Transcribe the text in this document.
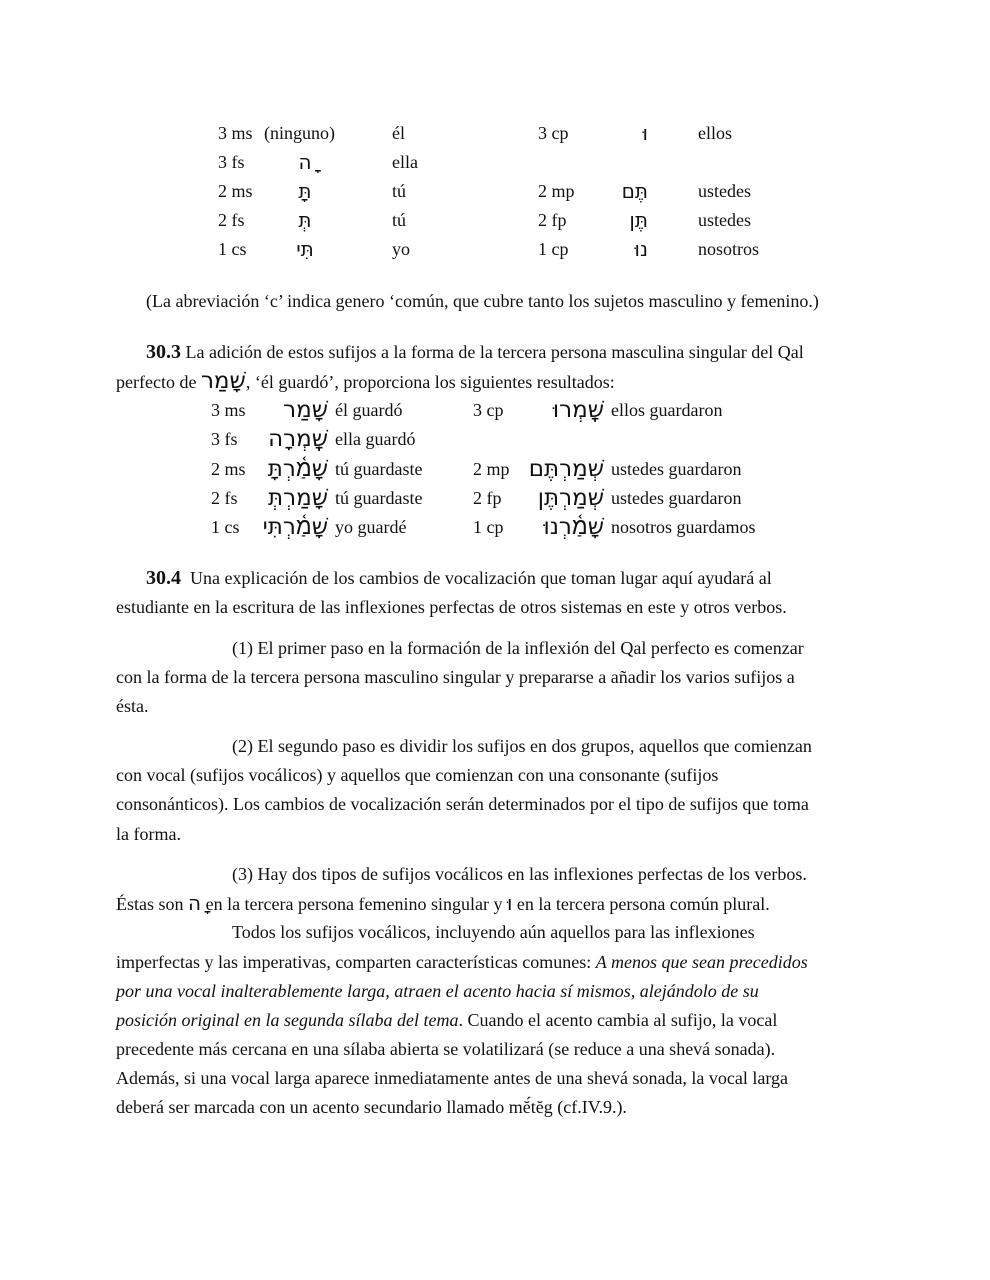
3 ms (ninguno)	él	3 cp	וּ	ellos
3 fs	ָה	ella
2 ms	תָּ	tú	2 mp	תֶּם	ustedes
2 fs	תְּ	tú	2 fp	תֶּן	ustedes
1 cs	תִּי	yo	1 cp	נוּ	nosotros
(La abreviación ‘c’ indica genero ‘común, que cubre tanto los sujetos masculino y femenino.)
30.3 La adición de estos sufijos a la forma de la tercera persona masculina singular del Qal
perfecto de שָׁמַר, ‘él guardó’, proporciona los siguientes resultados:
3 ms	שָׁמַר él guardó	3 cp	שָֽׁמְרוּ ellos guardaron
3 fs	שָֽׁמְרָה ella guardó
2 ms שָׁמַ֫רְתָּ tú guardaste	2 mp שְׁמַרְתֶּם ustedes guardaron
2 fs	שָׁמַרְתְּ tú guardaste	2 fp	שְׁמַרְתֶּן ustedes guardaron
1 cs שָׁמַ֫רְתִּי yo guardé	1 cp	שָׁמַ֫רְנוּ nosotros guardamos
30.4  Una explicación de los cambios de vocalización que toman lugar aquí ayudará al
estudiante en la escritura de las inflexiones perfectas de otros sistemas en este y otros verbos.
(1) El primer paso en la formación de la inflexión del Qal perfecto es comenzar
con la forma de la tercera persona masculino singular y prepararse a añadir los varios sufijos a
ésta.
(2) El segundo paso es dividir los sufijos en dos grupos, aquellos que comienzan
con vocal (sufijos vocálicos) y aquellos que comienzan con una consonante (sufijos
consonánticos). Los cambios de vocalización serán determinados por el tipo de sufijos que toma
la forma.
(3) Hay dos tipos de sufijos vocálicos en las inflexiones perfectas de los verbos.
Éstas son ָה en la tercera persona femenino singular y וּ en la tercera persona común plural.
Todos los sufijos vocálicos, incluyendo aún aquellos para las inflexiones
imperfectas y las imperativas, comparten características comunes: A menos que sean precedidos
por una vocal inalterablemente larga, atraen el acento hacia sí mismos, alejándolo de su
posición original en la segunda sílaba del tema. Cuando el acento cambia al sufijo, la vocal
precedente más cercana en una sílaba abierta se volatilizará (se reduce a una shevá sonada).
Además, si una vocal larga aparece inmediatamente antes de una shevá sonada, la vocal larga
deberá ser marcada con un acento secundario llamado mĕ́tĕg (cf.IV.9.).
